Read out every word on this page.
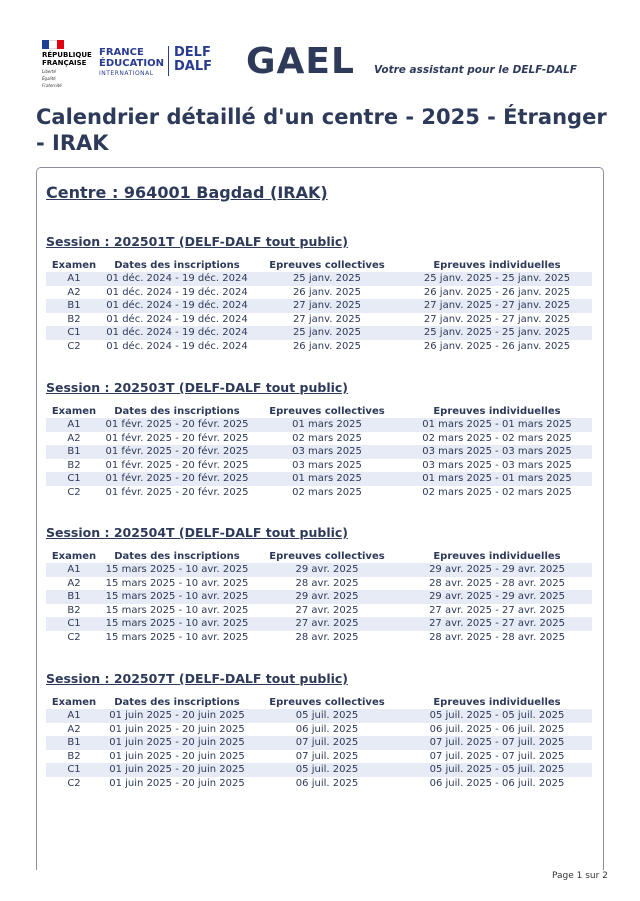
RÉPUBLIQUE
FRANÇAISE
Liberté
Égalité
Fraternité
FRANCE
ÉDUCATION
INTERNATIONAL
DELF
DALF GAEL Votre assistant pour le DELF-DALF
Calendrier détaillé d'un centre - 2025 - Étranger - IRAK
Centre : 964001 Bagdad (IRAK)
Session : 202501T (DELF-DALF tout public)
Examen	Dates des inscriptions	Epreuves collectives	Epreuves individuelles
A1	01 déc. 2024 - 19 déc. 2024	25 janv. 2025	25 janv. 2025 - 25 janv. 2025
A2	01 déc. 2024 - 19 déc. 2024	26 janv. 2025	26 janv. 2025 - 26 janv. 2025
B1	01 déc. 2024 - 19 déc. 2024	27 janv. 2025	27 janv. 2025 - 27 janv. 2025
B2	01 déc. 2024 - 19 déc. 2024	27 janv. 2025	27 janv. 2025 - 27 janv. 2025
C1	01 déc. 2024 - 19 déc. 2024	25 janv. 2025	25 janv. 2025 - 25 janv. 2025
C2	01 déc. 2024 - 19 déc. 2024	26 janv. 2025	26 janv. 2025 - 26 janv. 2025
Session : 202503T (DELF-DALF tout public)
Examen	Dates des inscriptions	Epreuves collectives	Epreuves individuelles
A1	01 févr. 2025 - 20 févr. 2025	01 mars 2025	01 mars 2025 - 01 mars 2025
A2	01 févr. 2025 - 20 févr. 2025	02 mars 2025	02 mars 2025 - 02 mars 2025
B1	01 févr. 2025 - 20 févr. 2025	03 mars 2025	03 mars 2025 - 03 mars 2025
B2	01 févr. 2025 - 20 févr. 2025	03 mars 2025	03 mars 2025 - 03 mars 2025
C1	01 févr. 2025 - 20 févr. 2025	01 mars 2025	01 mars 2025 - 01 mars 2025
C2	01 févr. 2025 - 20 févr. 2025	02 mars 2025	02 mars 2025 - 02 mars 2025
Session : 202504T (DELF-DALF tout public)
Examen	Dates des inscriptions	Epreuves collectives	Epreuves individuelles
A1	15 mars 2025 - 10 avr. 2025	29 avr. 2025	29 avr. 2025 - 29 avr. 2025
A2	15 mars 2025 - 10 avr. 2025	28 avr. 2025	28 avr. 2025 - 28 avr. 2025
B1	15 mars 2025 - 10 avr. 2025	29 avr. 2025	29 avr. 2025 - 29 avr. 2025
B2	15 mars 2025 - 10 avr. 2025	27 avr. 2025	27 avr. 2025 - 27 avr. 2025
C1	15 mars 2025 - 10 avr. 2025	27 avr. 2025	27 avr. 2025 - 27 avr. 2025
C2	15 mars 2025 - 10 avr. 2025	28 avr. 2025	28 avr. 2025 - 28 avr. 2025
Session : 202507T (DELF-DALF tout public)
Examen	Dates des inscriptions	Epreuves collectives	Epreuves individuelles
A1	01 juin 2025 - 20 juin 2025	05 juil. 2025	05 juil. 2025 - 05 juil. 2025
A2	01 juin 2025 - 20 juin 2025	06 juil. 2025	06 juil. 2025 - 06 juil. 2025
B1	01 juin 2025 - 20 juin 2025	07 juil. 2025	07 juil. 2025 - 07 juil. 2025
B2	01 juin 2025 - 20 juin 2025	07 juil. 2025	07 juil. 2025 - 07 juil. 2025
C1	01 juin 2025 - 20 juin 2025	05 juil. 2025	05 juil. 2025 - 05 juil. 2025
C2	01 juin 2025 - 20 juin 2025	06 juil. 2025	06 juil. 2025 - 06 juil. 2025
Page 1 sur 2
